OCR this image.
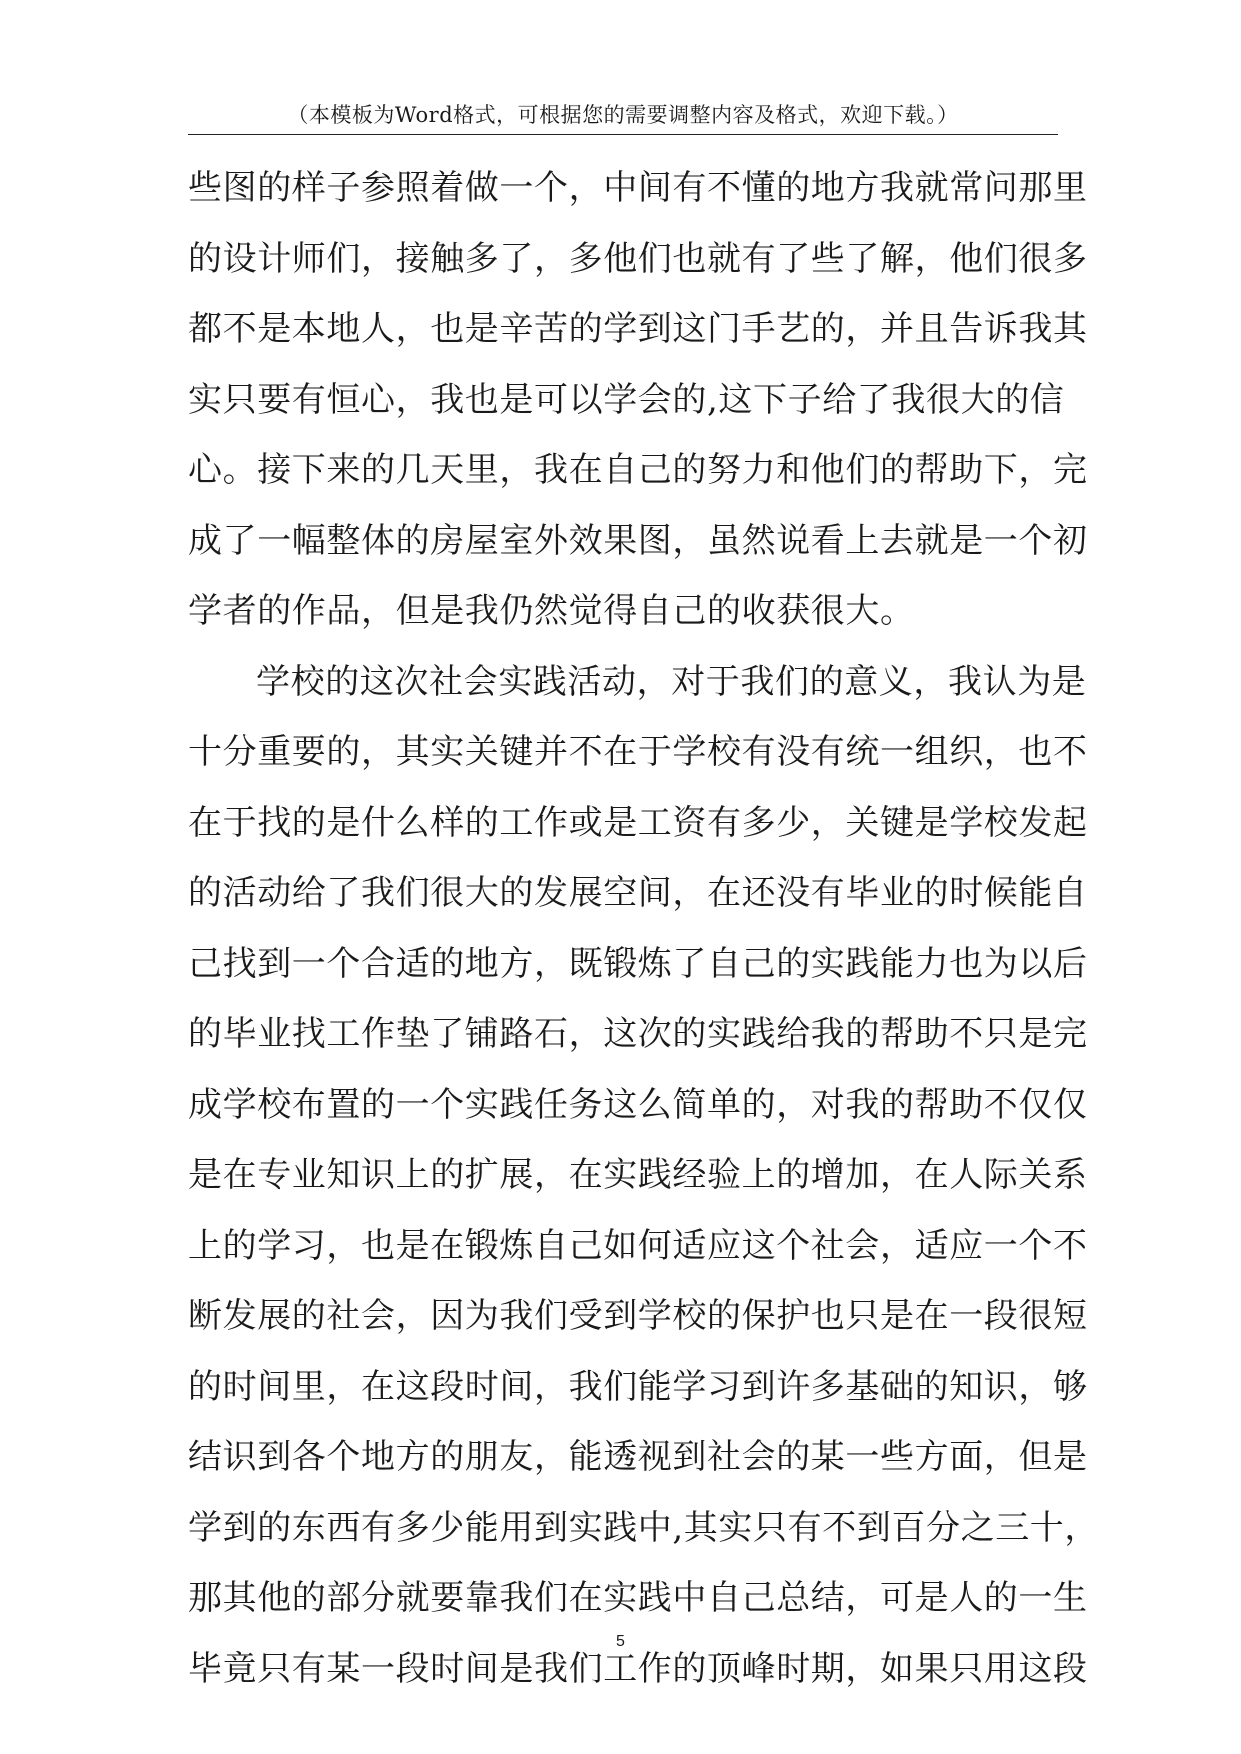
（本模板为Word格式，可根据您的需要调整内容及格式，欢迎下载。）
些图的样子参照着做一个，中间有不懂的地方我就常问那里
的设计师们，接触多了，多他们也就有了些了解，他们很多
都不是本地人，也是辛苦的学到这门手艺的，并且告诉我其
实只要有恒心，我也是可以学会的,这下子给了我很大的信
心。接下来的几天里，我在自己的努力和他们的帮助下，完
成了一幅整体的房屋室外效果图，虽然说看上去就是一个初
学者的作品，但是我仍然觉得自己的收获很大。
学校的这次社会实践活动，对于我们的意义，我认为是
十分重要的，其实关键并不在于学校有没有统一组织，也不
在于找的是什么样的工作或是工资有多少，关键是学校发起
的活动给了我们很大的发展空间，在还没有毕业的时候能自
己找到一个合适的地方，既锻炼了自己的实践能力也为以后
的毕业找工作垫了铺路石，这次的实践给我的帮助不只是完
成学校布置的一个实践任务这么简单的，对我的帮助不仅仅
是在专业知识上的扩展，在实践经验上的增加，在人际关系
上的学习，也是在锻炼自己如何适应这个社会，适应一个不
断发展的社会，因为我们受到学校的保护也只是在一段很短
的时间里，在这段时间，我们能学习到许多基础的知识，够
结识到各个地方的朋友，能透视到社会的某一些方面，但是
学到的东西有多少能用到实践中,其实只有不到百分之三十，
那其他的部分就要靠我们在实践中自己总结，可是人的一生
毕竟只有某一段时间是我们工作的顶峰时期，如果只用这段
5
